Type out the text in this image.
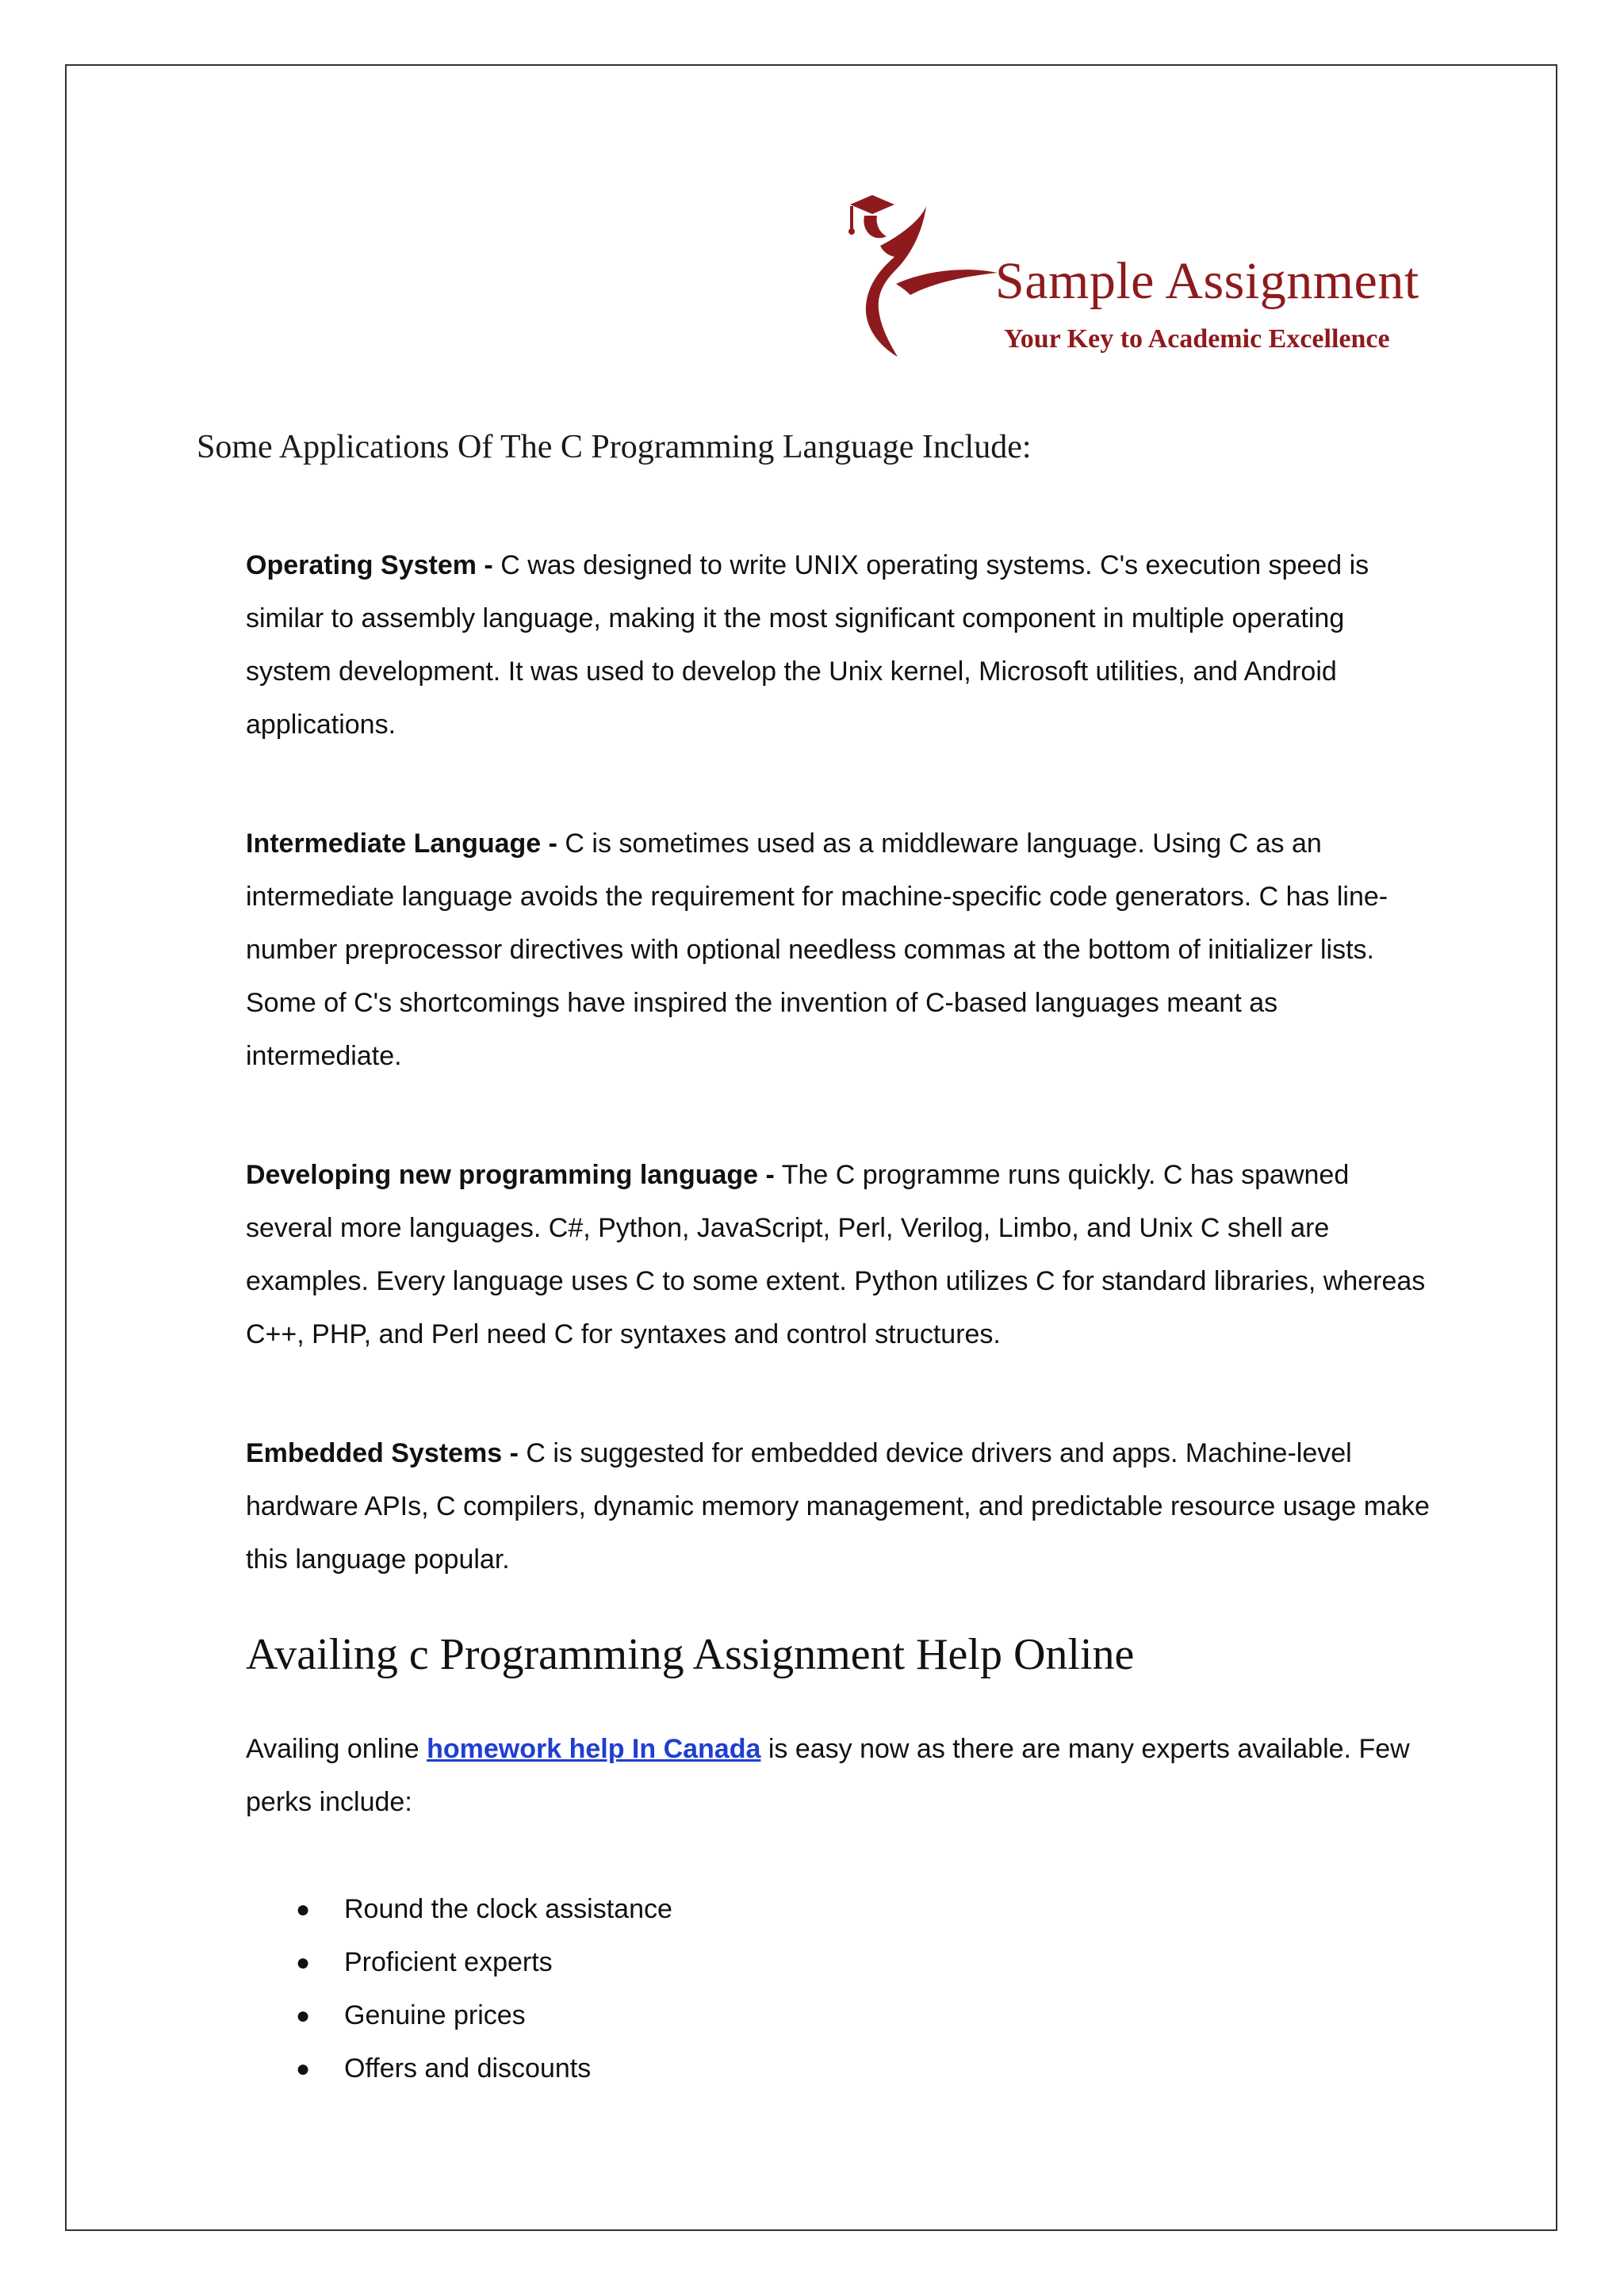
Sample Assignment
Your Key to Academic Excellence
Some Applications Of The C Programming Language Include:

Operating System - C was designed to write UNIX operating systems. C's execution speed is similar to assembly language, making it the most significant component in multiple operating system development. It was used to develop the Unix kernel, Microsoft utilities, and Android applications.

Intermediate Language - C is sometimes used as a middleware language. Using C as an intermediate language avoids the requirement for machine-specific code generators. C has line-number preprocessor directives with optional needless commas at the bottom of initializer lists. Some of C's shortcomings have inspired the invention of C-based languages meant as intermediate.

Developing new programming language - The C programme runs quickly. C has spawned several more languages. C#, Python, JavaScript, Perl, Verilog, Limbo, and Unix C shell are examples. Every language uses C to some extent. Python utilizes C for standard libraries, whereas C++, PHP, and Perl need C for syntaxes and control structures.

Embedded Systems - C is suggested for embedded device drivers and apps. Machine-level hardware APIs, C compilers, dynamic memory management, and predictable resource usage make this language popular.

Availing c Programming Assignment Help Online

Availing online homework help In Canada is easy now as there are many experts available. Few perks include:

● Round the clock assistance
● Proficient experts
● Genuine prices
● Offers and discounts
